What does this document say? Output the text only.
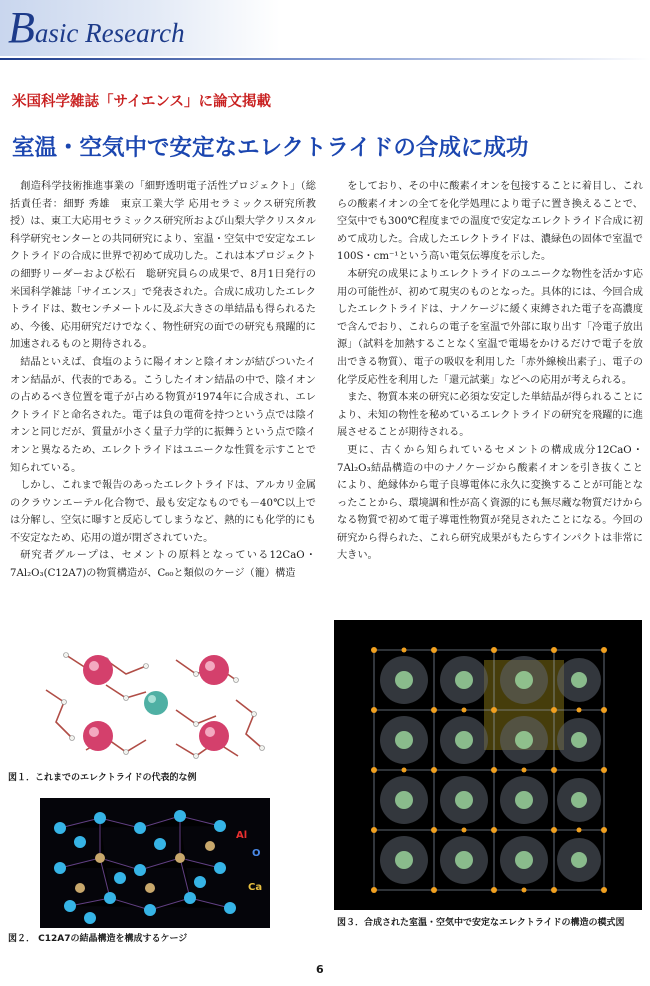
Basic Research
米国科学雑誌「サイエンス」に論文掲載
室温・空気中で安定なエレクトライドの合成に成功

創造科学技術推進事業の「細野透明電子活性プロジェクト」（総括責任者：細野 秀雄　東京工業大学 応用セラミックス研究所教授）は、東工大応用セラミックス研究所および山梨大学クリスタル科学研究センターとの共同研究により、室温・空気中で安定なエレクトライドの合成に世界で初めて成功した。これは本プロジェクトの細野リーダーおよび松石　聡研究員らの成果で、8月1日発行の米国科学雑誌「サイエンス」で発表された。合成に成功したエレクトライドは、数センチメートルに及ぶ大きさの単結晶も得られるため、今後、応用研究だけでなく、物性研究の面での研究も飛躍的に加速されるものと期待される。

結晶といえば、食塩のように陽イオンと陰イオンが結びついたイオン結晶が、代表的である。こうしたイオン結晶の中で、陰イオンの占めるべき位置を電子が占める物質が1974年に合成され、エレクトライドと命名された。電子は負の電荷を持つという点では陰イオンと同じだが、質量が小さく量子力学的に振舞うという点で陰イオンと異なるため、エレクトライドはユニークな性質を示すことで知られている。

しかし、これまで報告のあったエレクトライドは、アルカリ金属のクラウンエーテル化合物で、最も安定なものでも－40℃以上では分解し、空気に曝すと反応してしまうなど、熱的にも化学的にも不安定なため、応用の道が閉ざされていた。

研究者グループは、セメントの原料となっている12CaO・7Al₂O₃(C12A7)の物質構造が、C₆₀と類似のケージ（籠）構造

をしており、その中に酸素イオンを包接することに着目し、これらの酸素イオンの全てを化学処理により電子に置き換えることで、空気中でも300℃程度までの温度で安定なエレクトライド合成に初めて成功した。合成したエレクトライドは、濃緑色の固体で室温で100S・cm⁻¹という高い電気伝導度を示した。

本研究の成果によりエレクトライドのユニークな物性を活かす応用の可能性が、初めて現実のものとなった。具体的には、今回合成したエレクトライドは、ナノケージに緩く束縛された電子を高濃度で含んでおり、これらの電子を室温で外部に取り出す「冷電子放出源」（試料を加熱することなく室温で電場をかけるだけで電子を放出できる物質）、電子の吸収を利用した「赤外線検出素子」、電子の化学反応性を利用した「還元試薬」などへの応用が考えられる。

また、物質本来の研究に必須な安定した単結晶が得られることにより、未知の物性を秘めているエレクトライドの研究を飛躍的に進展させることが期待される。

更に、古くから知られているセメントの構成成分12CaO・7Al₂O₃結晶構造の中のナノケージから酸素イオンを引き抜くことにより、絶縁体から電子良導電体に永久に変換することが可能となったことから、環境調和性が高く資源的にも無尽蔵な物質だけからなる物質で初めて電子導電性物質が発見されたことになる。今回の研究から得られた、これら研究成果がもたらすインパクトは非常に大きい。

図１．これまでのエレクトライドの代表的な例
Al
O
Ca
図２． C12A7の結晶構造を構成するケージ
図３．合成された室温・空気中で安定なエレクトライドの構造の模式図
6
